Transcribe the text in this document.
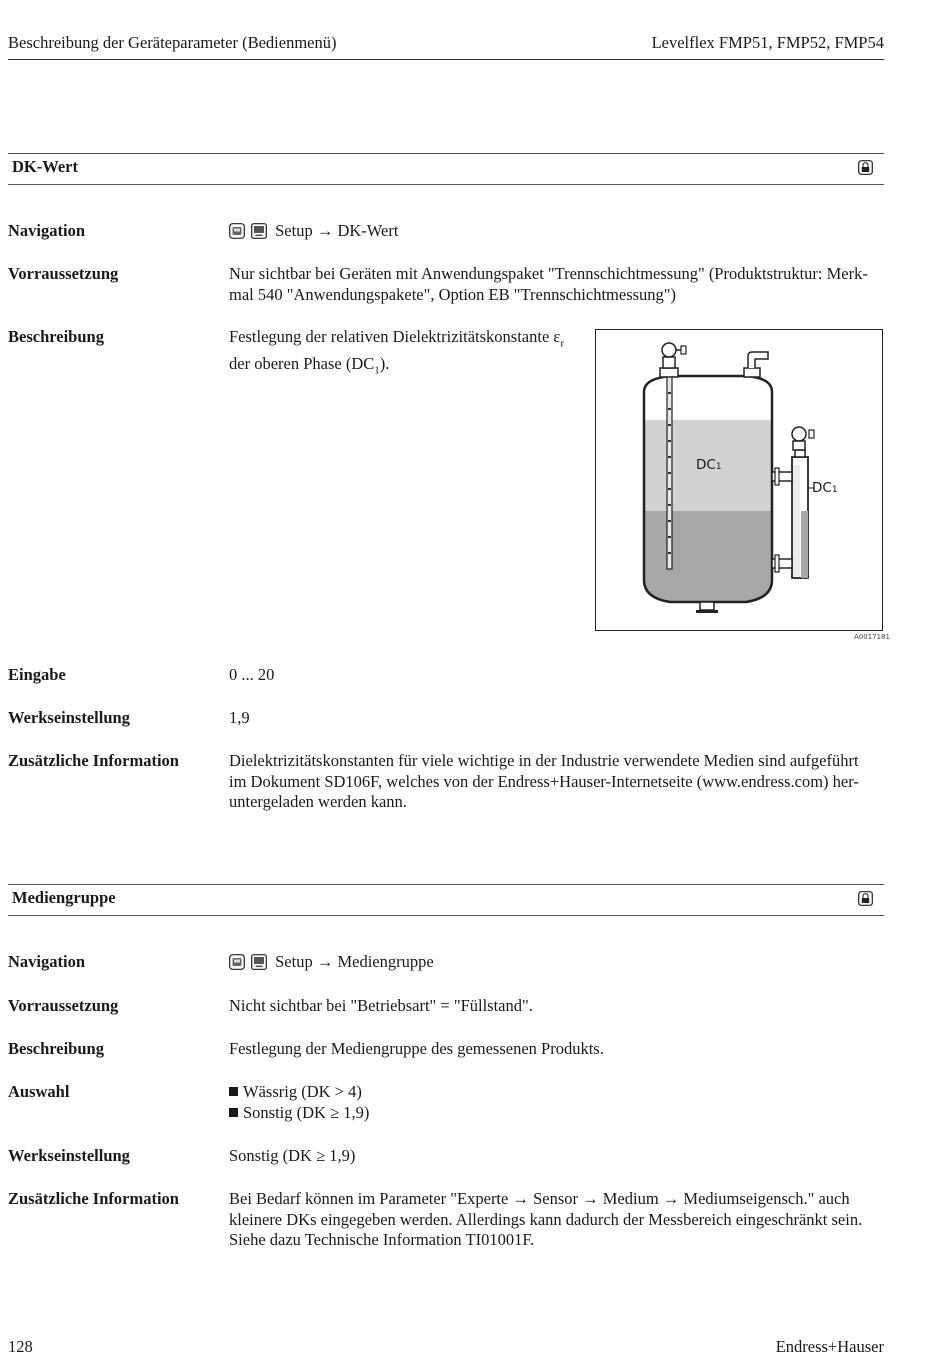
Beschreibung der Geräteparameter (Bedienmenü)	Levelflex FMP51, FMP52, FMP54
DK-Wert
Navigation	Setup → DK-Wert
Vorraussetzung	Nur sichtbar bei Geräten mit Anwendungspaket "Trennschichtmessung" (Produktstruktur: Merk-
mal 540 "Anwendungspakete", Option EB "Trennschichtmessung")
Beschreibung	Festlegung der relativen Dielektrizitätskonstante $\varepsilon_r$
der oberen Phase $(DC_1)$.
DC1
DC1
A0017181
Eingabe	0 ... 20
Werkseinstellung	1,9
Zusätzliche Information	Dielektrizitätskonstanten für viele wichtige in der Industrie verwendete Medien sind aufgeführt
im Dokument SD106F, welches von der Endress+Hauser-Internetseite (www.endress.com) her-
untergeladen werden kann.
Mediengruppe
Navigation	Setup → Mediengruppe
Vorraussetzung	Nicht sichtbar bei "Betriebsart" = "Füllstand".
Beschreibung	Festlegung der Mediengruppe des gemessenen Produkts.
Auswahl	Wässrig (DK > 4)
Sonstig (DK ≥ 1,9)
Werkseinstellung	Sonstig (DK ≥ 1,9)
Zusätzliche Information	Bei Bedarf können im Parameter "Experte → Sensor → Medium → Mediumseigensch." auch
kleinere DKs eingegeben werden. Allerdings kann dadurch der Messbereich eingeschränkt sein.
Siehe dazu Technische Information TI01001F.
128	Endress+Hauser
